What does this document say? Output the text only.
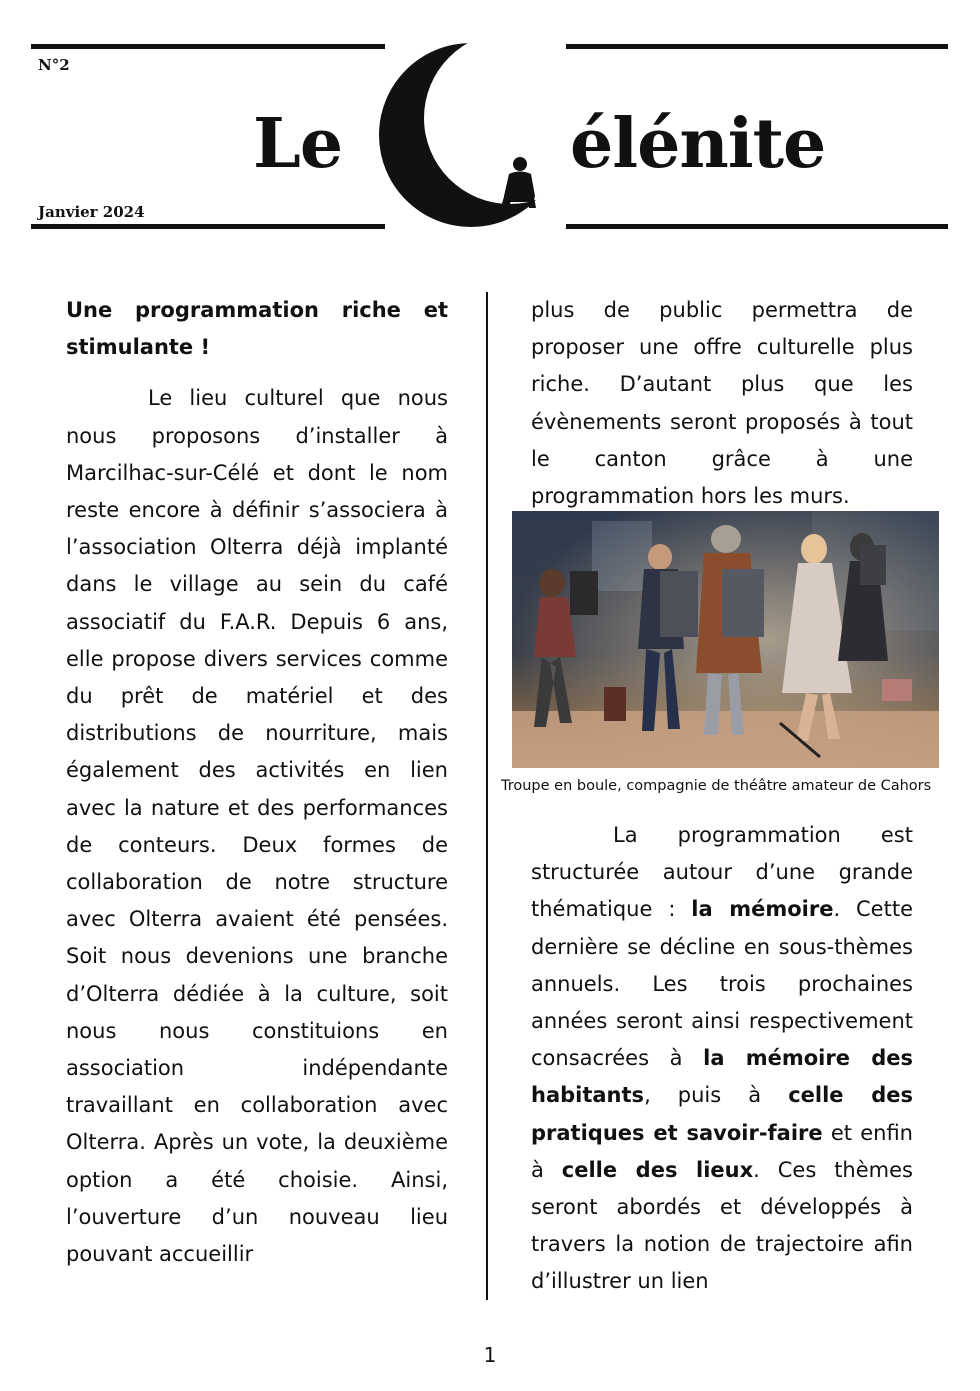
N°2
Janvier 2024
Le	élénite

Une programmation riche et stimulante !

Le lieu culturel que nous nous proposons d’installer à Marcilhac-sur-Célé et dont le nom reste encore à définir s’associera à l’association Olterra déjà implanté dans le village au sein du café associatif du F.A.R. Depuis 6 ans, elle propose divers services comme du prêt de matériel et des distributions de nourriture, mais également des activités en lien avec la nature et des performances de conteurs. Deux formes de collaboration de notre structure avec Olterra avaient été pensées. Soit nous devenions une branche d’Olterra dédiée à la culture, soit nous nous constituions en association indépendante travaillant en collaboration avec Olterra. Après un vote, la deuxième option a été choisie. Ainsi, l’ouverture d’un nouveau lieu pouvant accueillir

plus de public permettra de proposer une offre culturelle plus riche. D’autant plus que les évènements seront proposés à tout le canton grâce à une programmation hors les murs.

Troupe en boule, compagnie de théâtre amateur de Cahors

La programmation est structurée autour d’une grande thématique : la mémoire. Cette dernière se décline en sous-thèmes annuels. Les trois prochaines années seront ainsi respectivement consacrées à la mémoire des habitants, puis à celle des pratiques et savoir-faire et enfin à celle des lieux. Ces thèmes seront abordés et développés à travers la notion de trajectoire afin d’illustrer un lien

1
